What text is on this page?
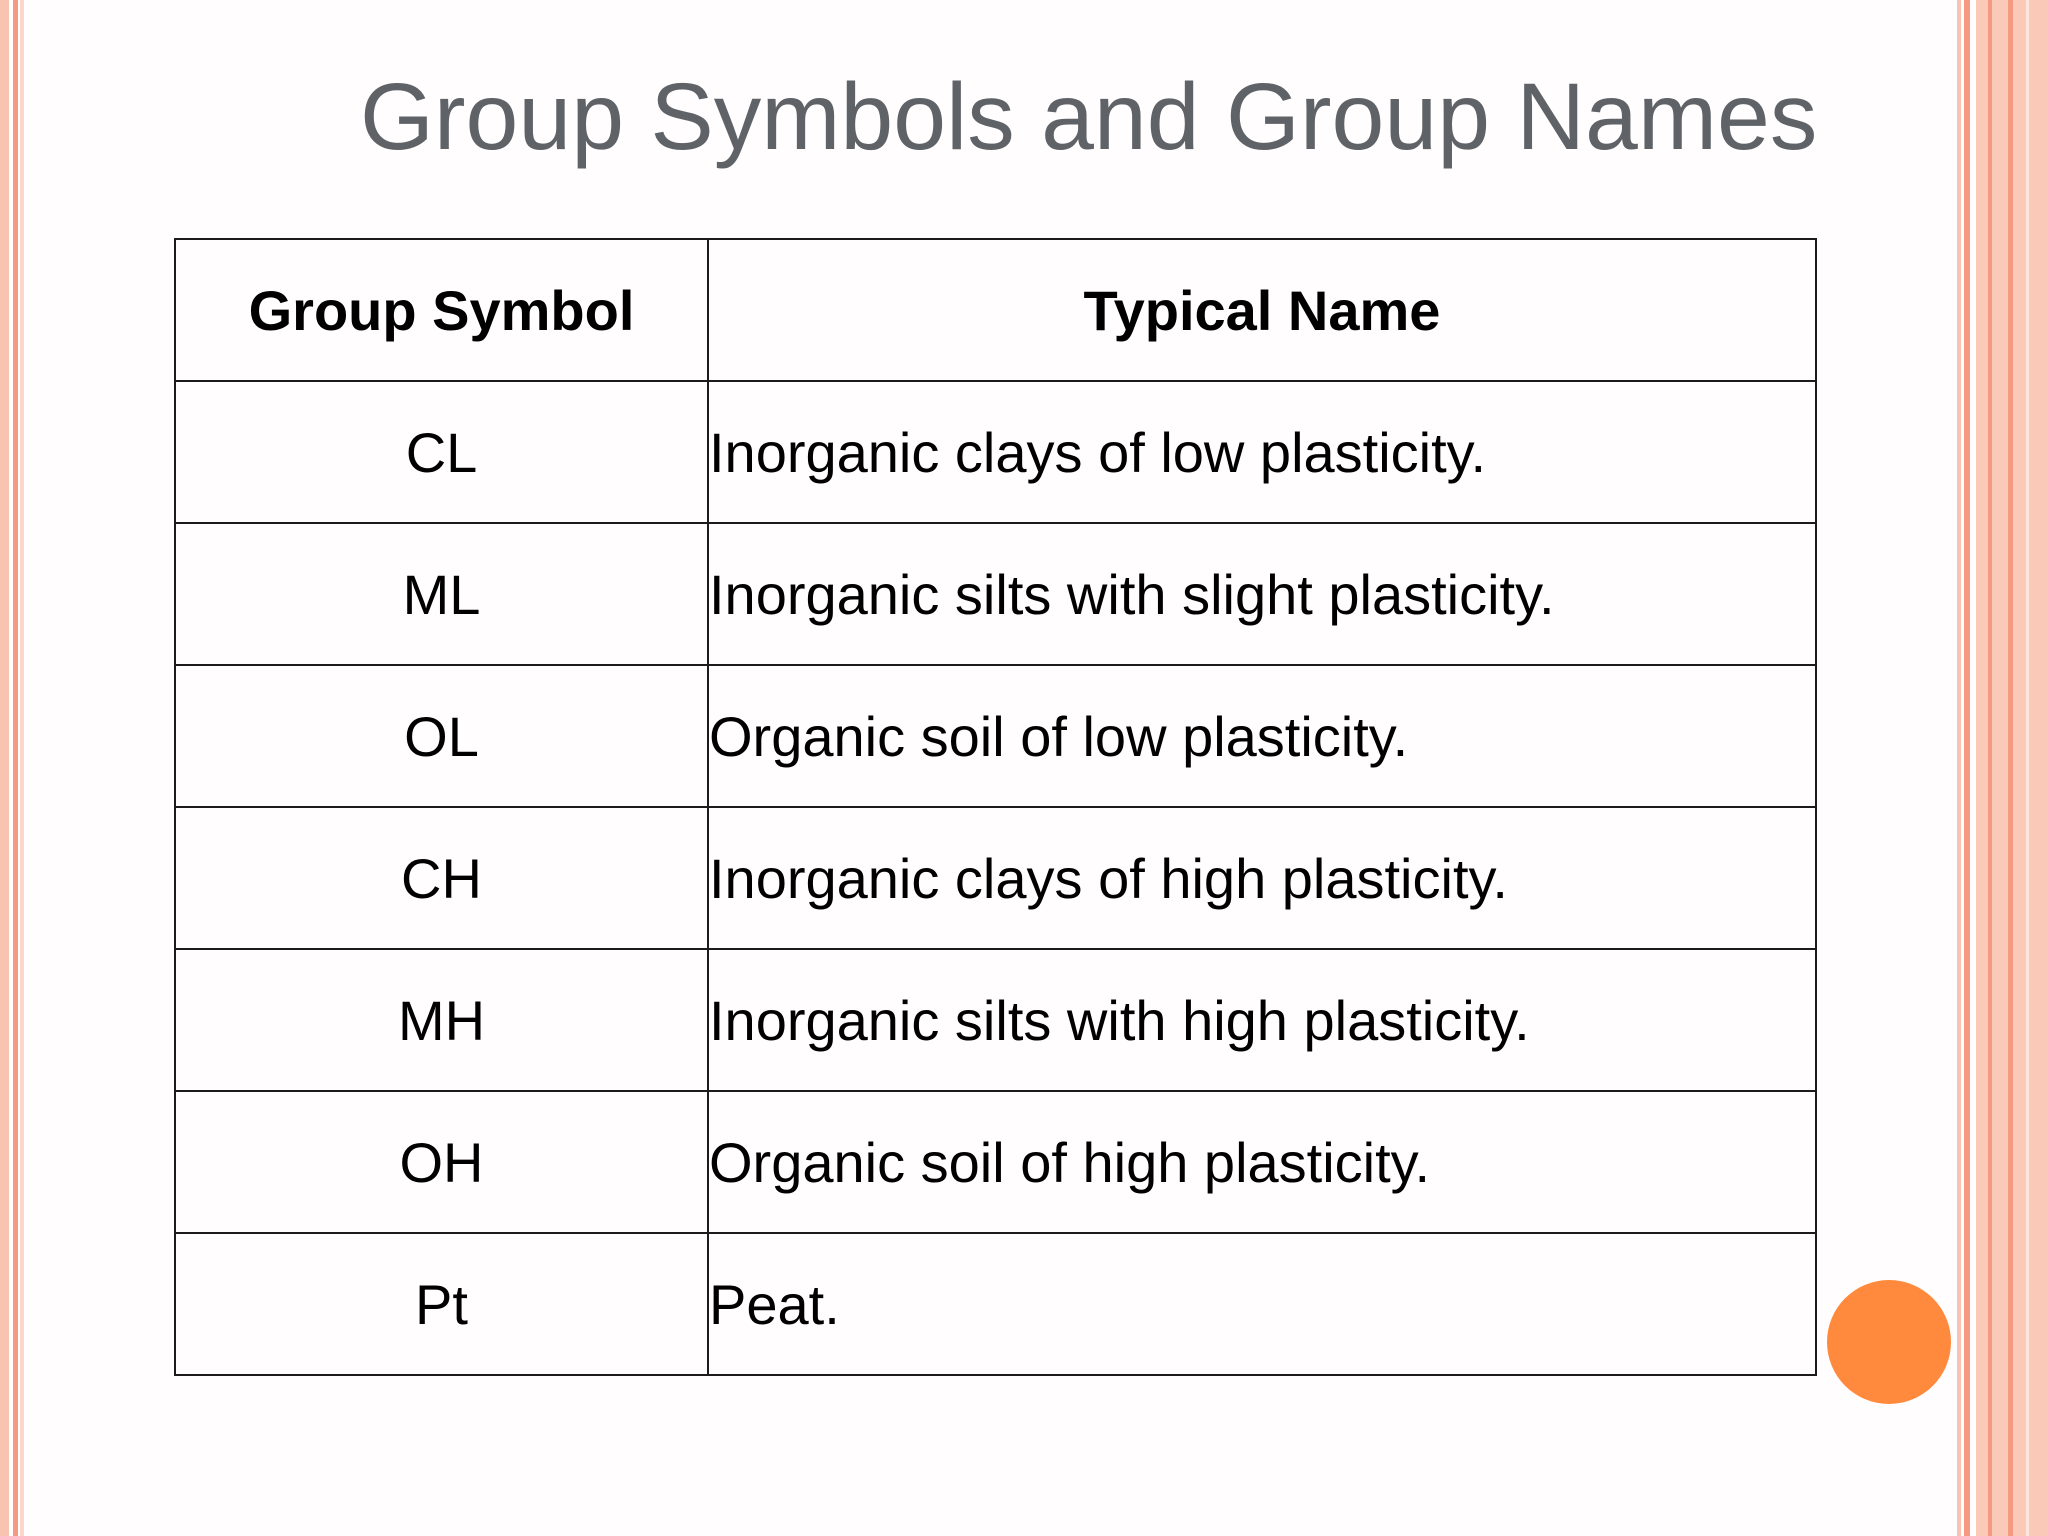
Group Symbols and Group Names
Group Symbol	Typical Name
CL	Inorganic clays of low plasticity.
ML	Inorganic silts with slight plasticity.
OL	Organic soil of low plasticity.
CH	Inorganic clays of high plasticity.
MH	Inorganic silts with high plasticity.
OH	Organic soil of high plasticity.
Pt	Peat.
